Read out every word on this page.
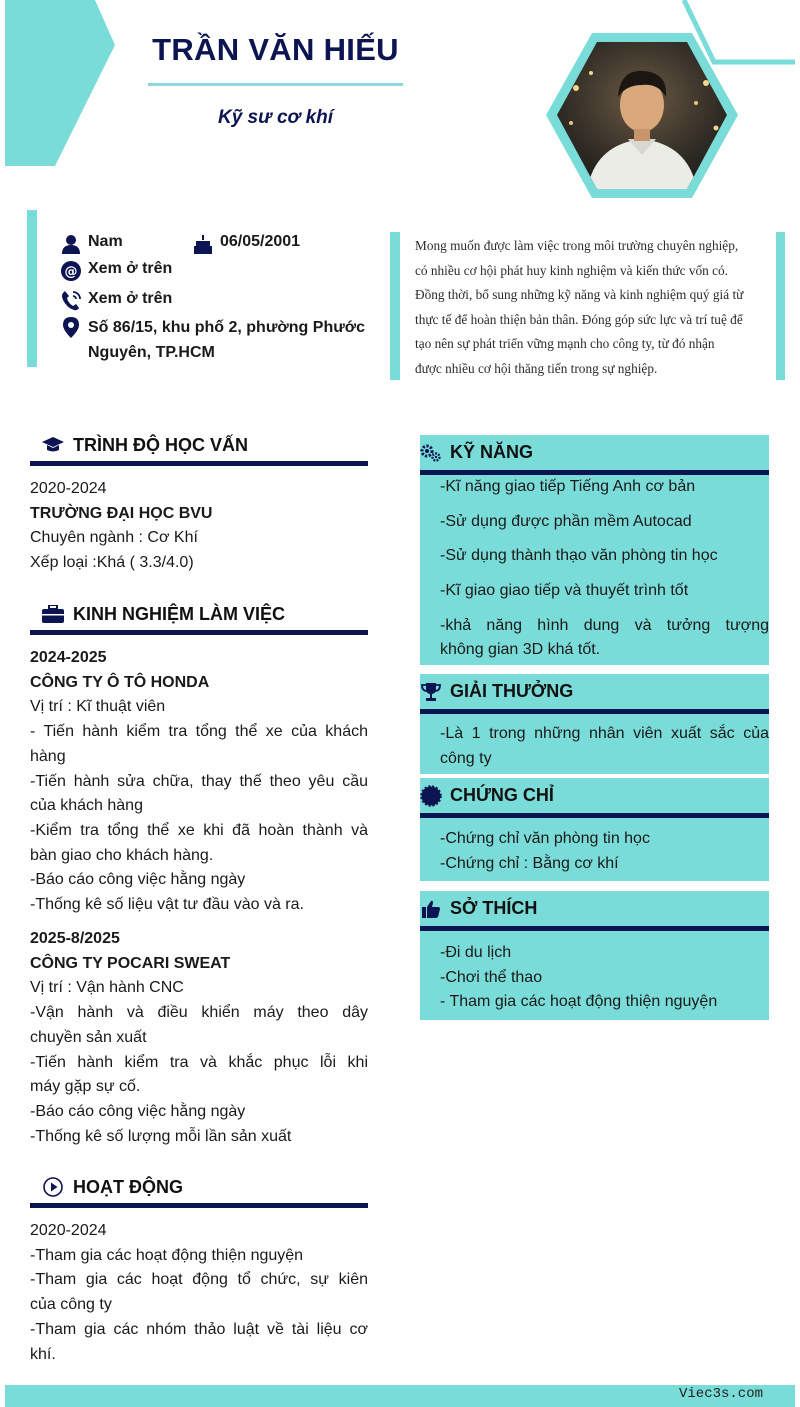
TRẦN VĂN HIẾU
Kỹ sư cơ khí
Nam	06/05/2001
@ Xem ở trên
Xem ở trên
Số 86/15, khu phố 2, phường Phước
Nguyên, TP.HCM
Mong muốn được làm việc trong môi trường chuyên nghiệp,
có nhiều cơ hội phát huy kinh nghiệm và kiến thức vốn có.
Đồng thời, bổ sung những kỹ năng và kinh nghiệm quý giá từ
thực tế để hoàn thiện bản thân. Đóng góp sức lực và trí tuệ để
tạo nên sự phát triển vững mạnh cho công ty, từ đó nhận
được nhiều cơ hội thăng tiến trong sự nghiệp.
TRÌNH ĐỘ HỌC VẤN
2020-2024
TRƯỜNG ĐẠI HỌC BVU
Chuyên ngành : Cơ Khí
Xếp loại :Khá ( 3.3/4.0)
KINH NGHIỆM LÀM VIỆC
2024-2025
CÔNG TY Ô TÔ HONDA
Vị trí : Kĩ thuật viên
- Tiến hành kiểm tra tổng thể xe của khách
hàng
-Tiến hành sửa chữa, thay thế theo yêu cầu
của khách hàng
-Kiểm tra tổng thể xe khi đã hoàn thành và
bàn giao cho khách hàng.
-Báo cáo công việc hằng ngày
-Thống kê số liệu vật tư đầu vào và ra.
2025-8/2025
CÔNG TY POCARI SWEAT
Vị trí : Vận hành CNC
-Vận hành và điều khiển máy theo dây
chuyền sản xuất
-Tiến hành kiểm tra và khắc phục lỗi khi
máy gặp sự cố.
-Báo cáo công việc hằng ngày
-Thống kê số lượng mỗi lần sản xuất
HOẠT ĐỘNG
2020-2024
-Tham gia các hoạt động thiện nguyện
-Tham gia các hoạt động tổ chức, sự kiên
của công ty
-Tham gia các nhóm thảo luật về tài liệu cơ
khí.
KỸ NĂNG
-Kĩ năng giao tiếp Tiếng Anh cơ bản
-Sử dụng được phần mềm Autocad
-Sử dụng thành thạo văn phòng tin học
-Kĩ giao giao tiếp và thuyết trình tốt
-khả năng hình dung và tưởng tượng
không gian 3D khá tốt.
GIẢI THƯỞNG
-Là 1 trong những nhân viên xuất sắc của
công ty
CHỨNG CHỈ
-Chứng chỉ văn phòng tin học
-Chứng chỉ : Bằng cơ khí
SỞ THÍCH
-Đi du lịch
-Chơi thể thao
- Tham gia các hoạt động thiện nguyện
Viec3s.com
